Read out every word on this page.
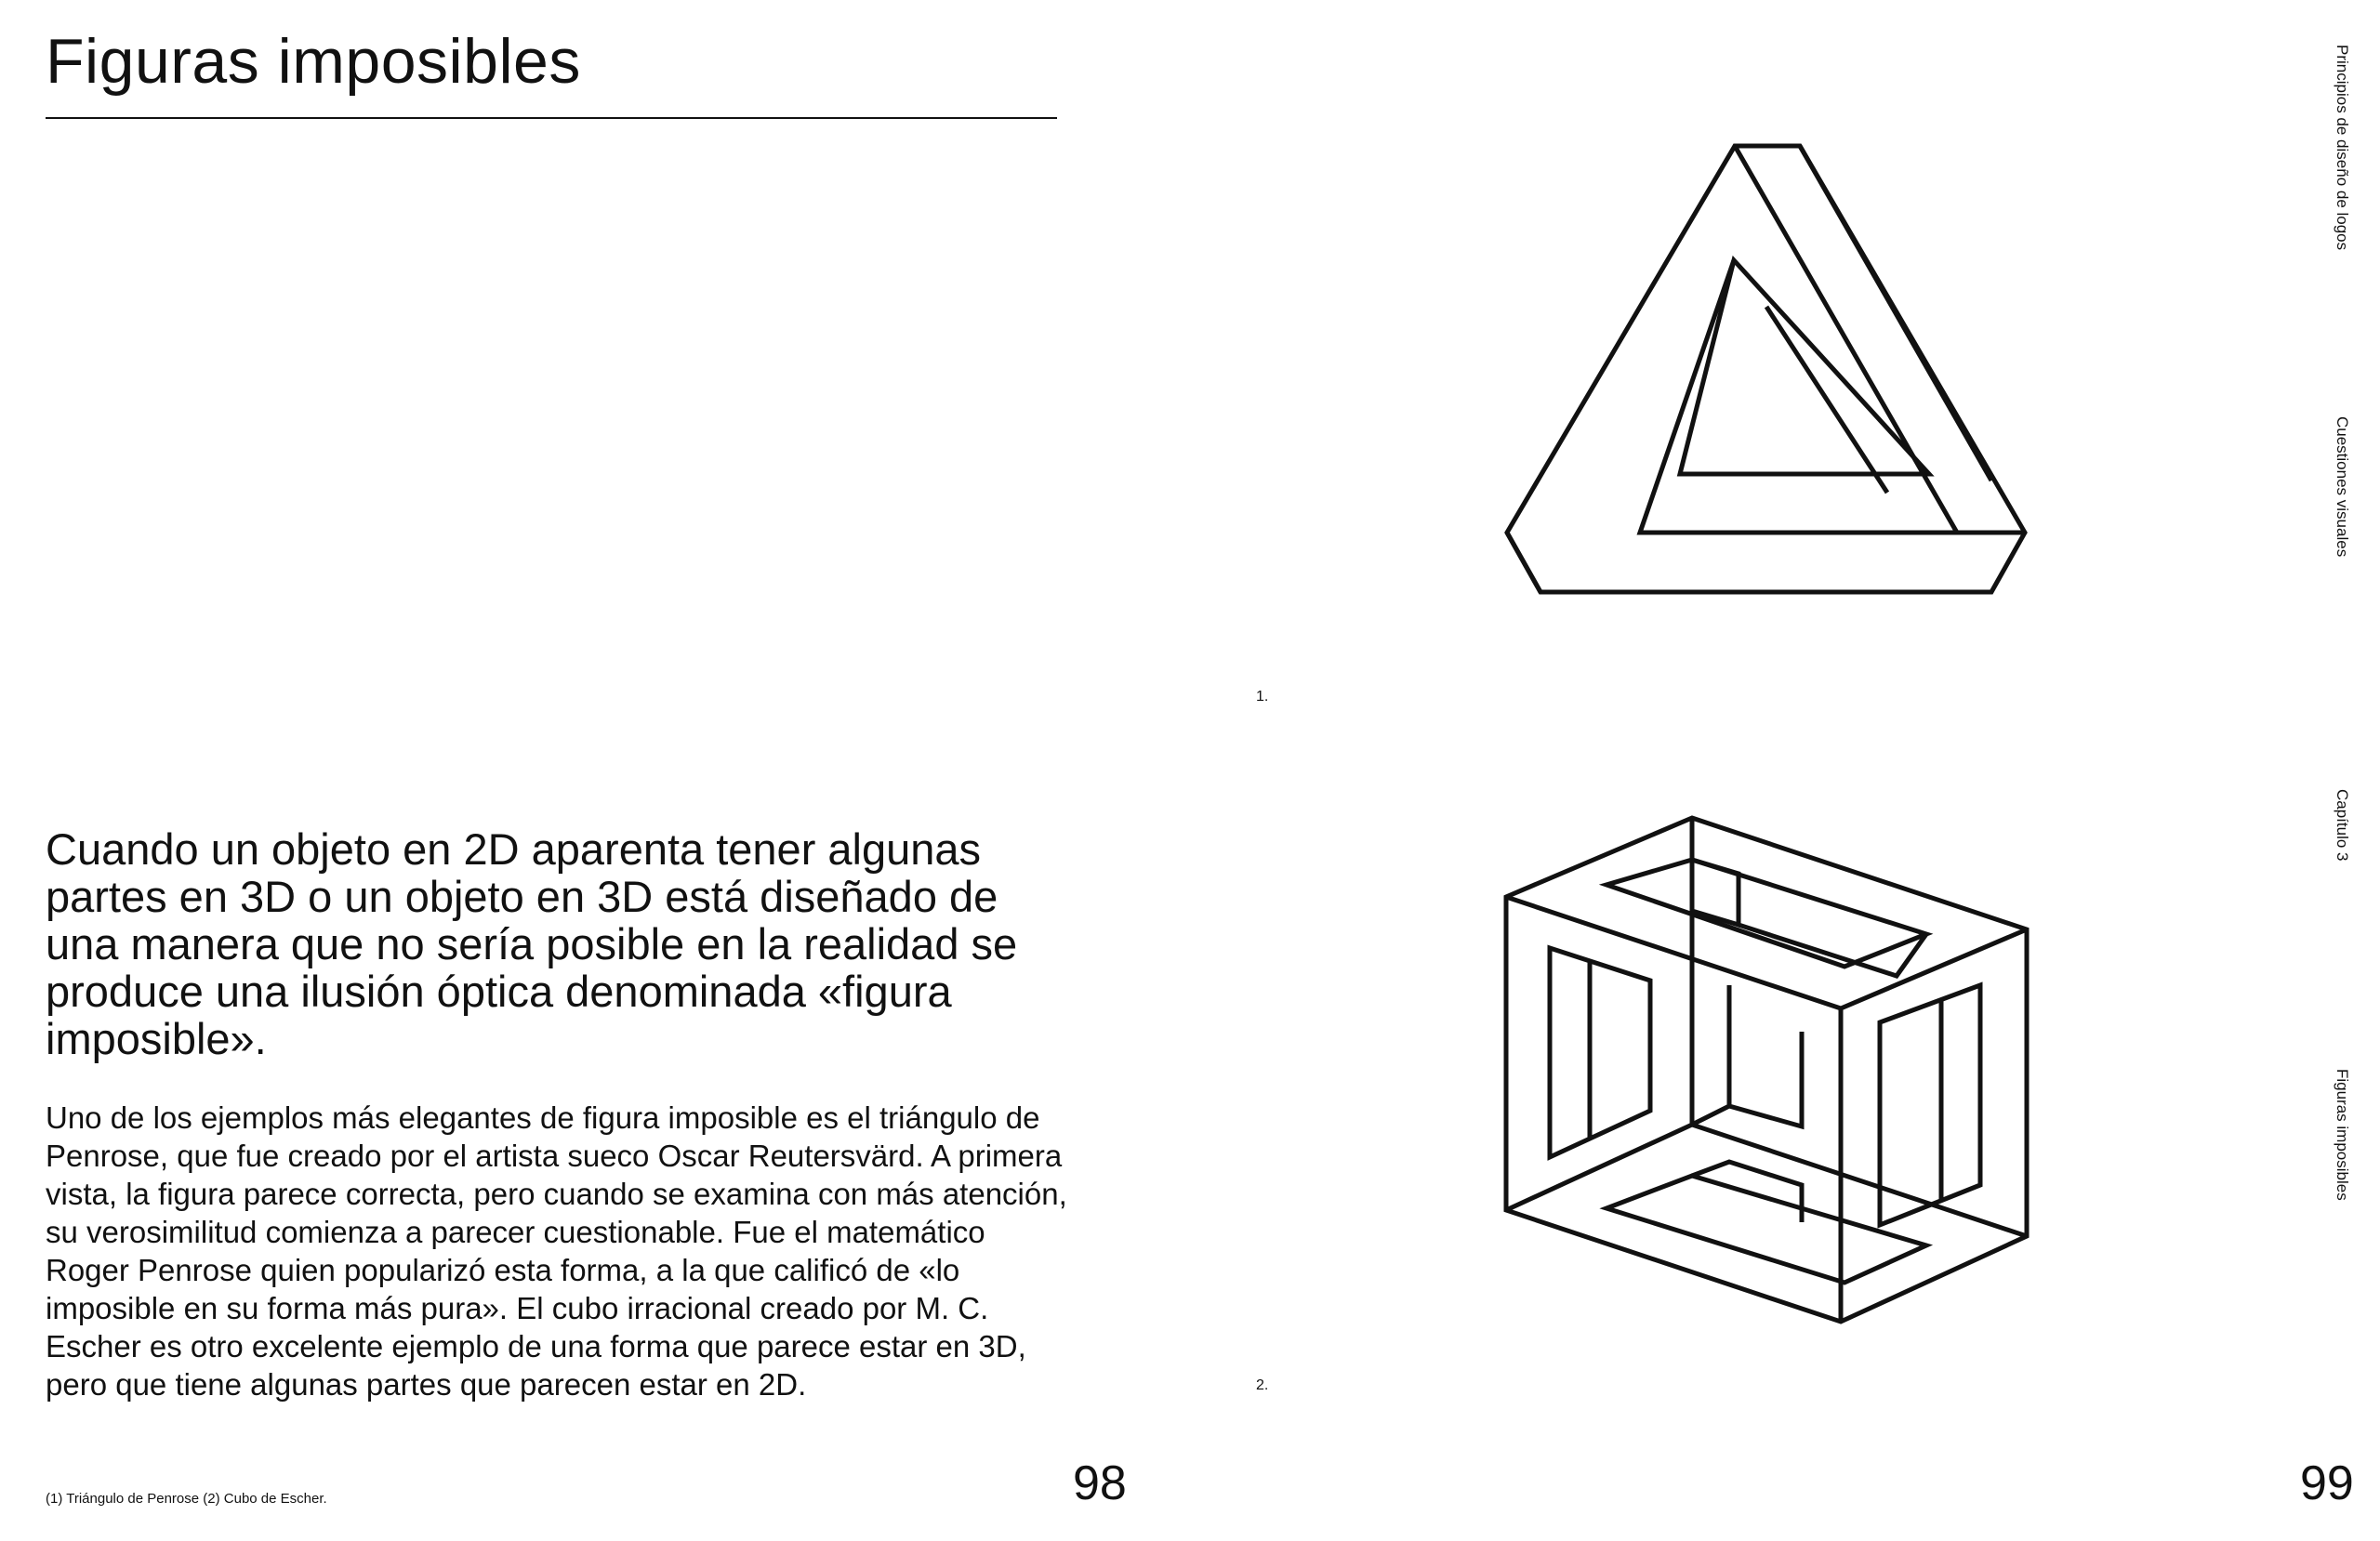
Figuras imposibles
Cuando un objeto en 2D aparenta tener algunas partes en 3D o un objeto en 3D está diseñado de una manera que no sería posible en la realidad se produce una ilusión óptica denominada «figura imposible».
Uno de los ejemplos más elegantes de figura imposible es el triángulo de Penrose, que fue creado por el artista sueco Oscar Reutersvärd. A primera vista, la figura parece correcta, pero cuando se examina con más atención, su verosimilitud comienza a parecer cuestionable. Fue el matemático Roger Penrose quien popularizó esta forma, a la que calificó de «lo imposible en su forma más pura». El cubo irracional creado por M. C. Escher es otro excelente ejemplo de una forma que parece estar en 3D, pero que tiene algunas partes que parecen estar en 2D.
(1) Triángulo de Penrose (2) Cubo de Escher.	98
1.
2.
99
Principios de diseño de logos
Cuestiones visuales
Capítulo 3
Figuras imposibles
